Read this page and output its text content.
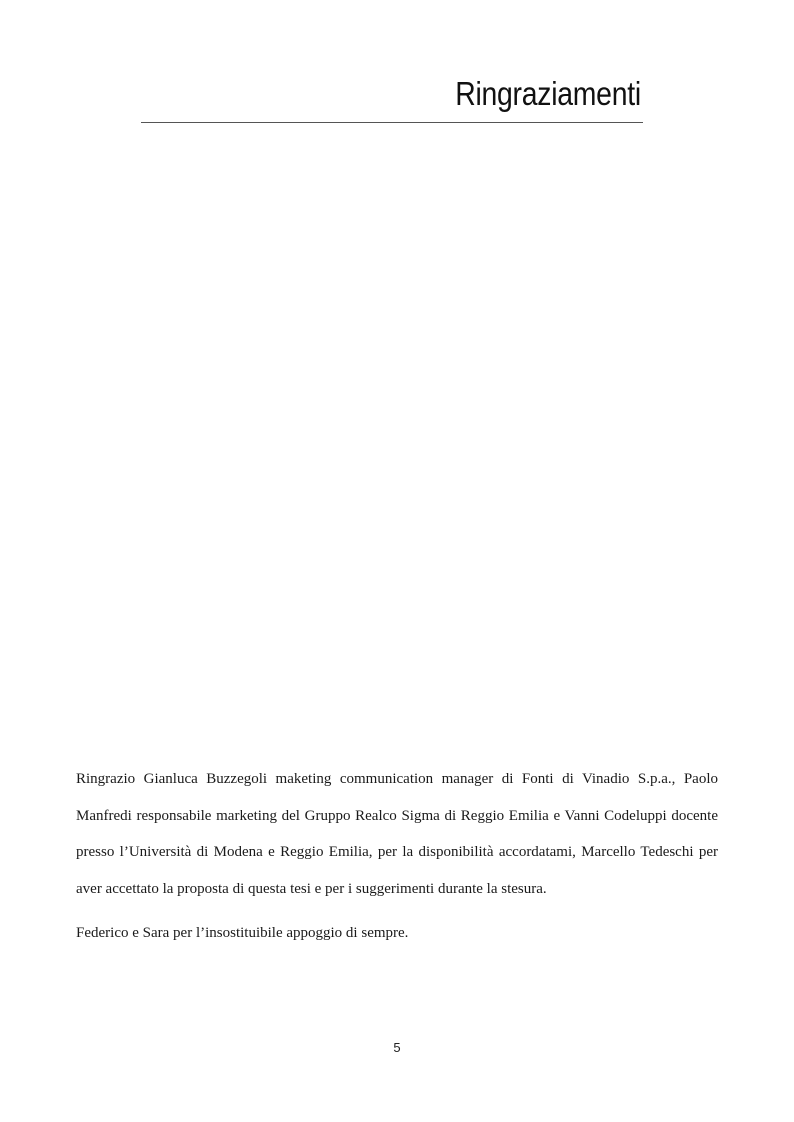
Ringraziamenti

Ringrazio Gianluca Buzzegoli maketing communication manager di Fonti di Vinadio S.p.a., Paolo Manfredi responsabile marketing del Gruppo Realco Sigma di Reggio Emilia e Vanni Codeluppi docente presso l’Università di Modena e Reggio Emilia, per la disponibilità accordatami, Marcello Tedeschi per aver accettato la proposta di questa tesi e per i suggerimenti durante la stesura.

Federico e Sara per l’insostituibile appoggio di sempre.

5
